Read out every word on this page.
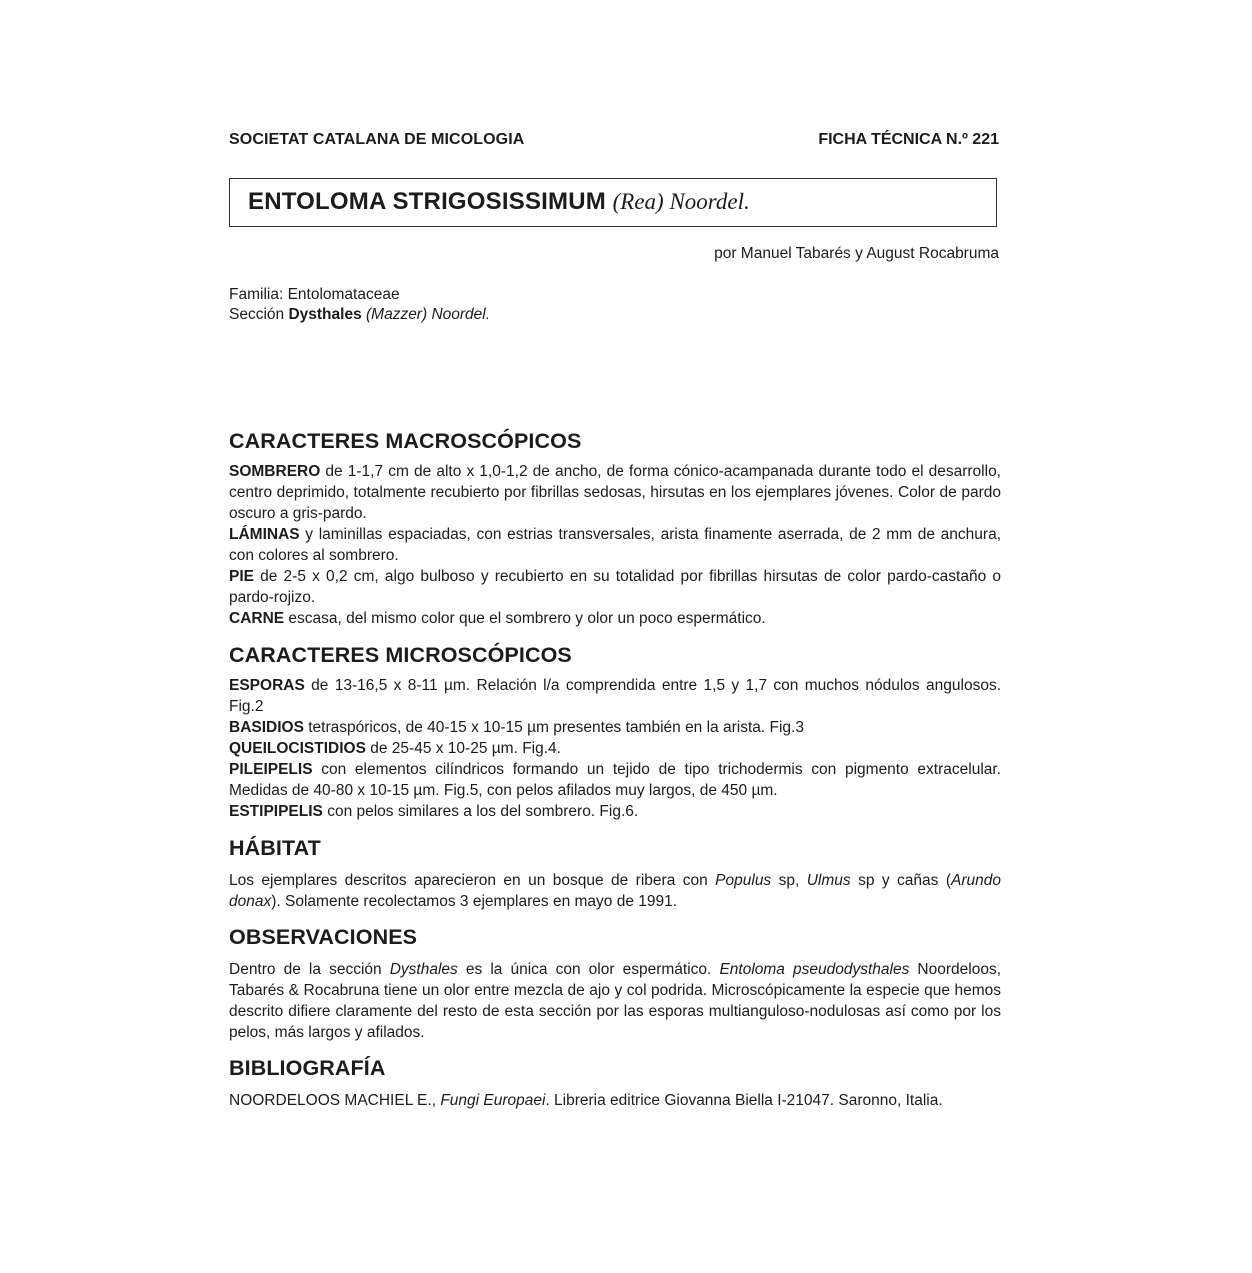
SOCIETAT CATALANA DE MICOLOGIA	FICHA TÉCNICA N.º 221
ENTOLOMA STRIGOSISSIMUM (Rea) Noordel.
por Manuel Tabarés y August Rocabruma
Familia: Entolomataceae
Sección Dysthales (Mazzer) Noordel.
CARACTERES MACROSCÓPICOS

SOMBRERO de 1-1,7 cm de alto x 1,0-1,2 de ancho, de forma cónico-acampanada durante todo el desarrollo, centro deprimido, totalmente recubierto por fibrillas sedosas, hirsutas en los ejemplares jóvenes. Color de pardo oscuro a gris-pardo.

LÁMINAS y laminillas espaciadas, con estrias transversales, arista finamente aserrada, de 2 mm de anchura, con colores al sombrero.

PIE de 2-5 x 0,2 cm, algo bulboso y recubierto en su totalidad por fibrillas hirsutas de color pardo-castaño o pardo-rojizo.

CARNE escasa, del mismo color que el sombrero y olor un poco espermático.

CARACTERES MICROSCÓPICOS

ESPORAS de 13-16,5 x 8-11 µm. Relación l/a comprendida entre 1,5 y 1,7 con muchos nódulos angulosos. Fig.2

BASIDIOS tetraspóricos, de 40-15 x 10-15 µm presentes también en la arista. Fig.3

QUEILOCISTIDIOS de 25-45 x 10-25 µm. Fig.4.

PILEIPELIS con elementos cilíndricos formando un tejido de tipo trichodermis con pigmento extracelular. Medidas de 40-80 x 10-15 µm. Fig.5, con pelos afilados muy largos, de 450 µm.

ESTIPIPELIS con pelos similares a los del sombrero. Fig.6.

HÁBITAT

Los ejemplares descritos aparecieron en un bosque de ribera con Populus sp, Ulmus sp y cañas (Arundo donax). Solamente recolectamos 3 ejemplares en mayo de 1991.

OBSERVACIONES

Dentro de la sección Dysthales es la única con olor espermático. Entoloma pseudodysthales Noordeloos, Tabarés & Rocabruna tiene un olor entre mezcla de ajo y col podrida. Microscópicamente la especie que hemos descrito difiere claramente del resto de esta sección por las esporas multianguloso-nodulosas así como por los pelos, más largos y afilados.

BIBLIOGRAFÍA

NOORDELOOS MACHIEL E., Fungi Europaei. Libreria editrice Giovanna Biella I-21047. Saronno, Italia.
